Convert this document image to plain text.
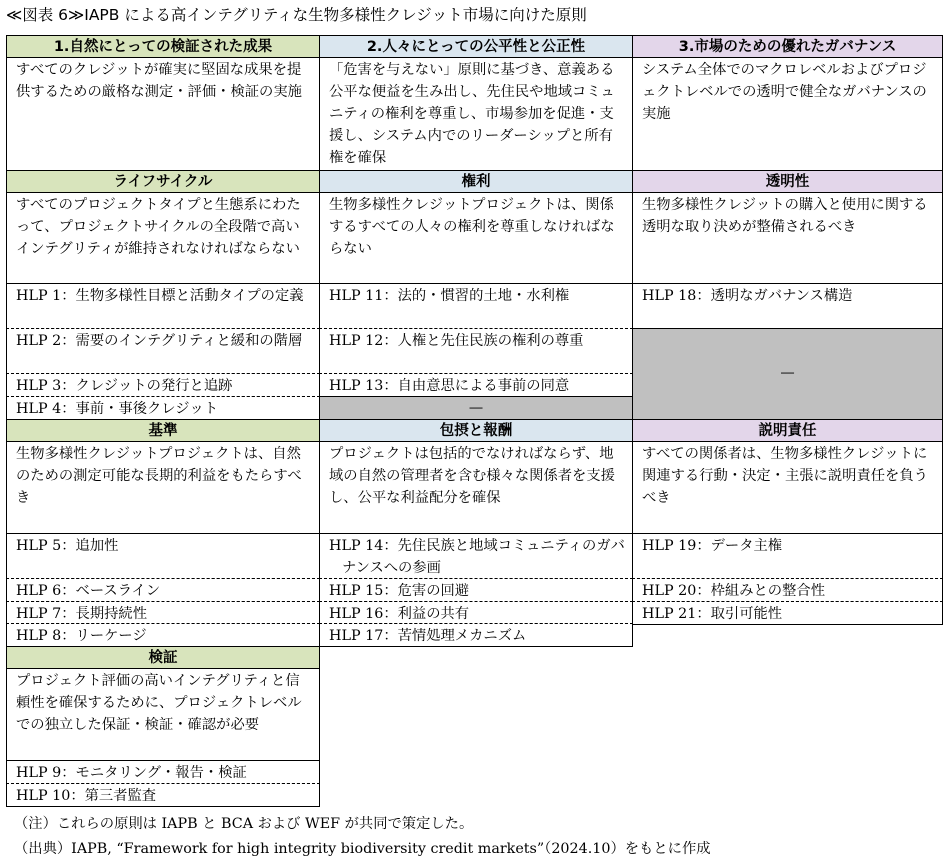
≪図表 6≫IAPB による高インテグリティな生物多様性クレジット市場に向けた原則
1.自然にとっての検証された成果
すべてのクレジットが確実に堅固な成果を提供するための厳格な測定・評価・検証の実施
ライフサイクル
すべてのプロジェクトタイプと生態系にわたって、プロジェクトサイクルの全段階で高いインテグリティが維持されなければならない
HLP 1：生物多様性目標と活動タイプの定義
HLP 2：需要のインテグリティと緩和の階層
HLP 3：クレジットの発行と追跡
HLP 4：事前・事後クレジット
基準
生物多様性クレジットプロジェクトは、自然のための測定可能な長期的利益をもたらすべき
HLP 5：追加性
HLP 6：ベースライン
HLP 7：長期持続性
HLP 8：リーケージ
検証
プロジェクト評価の高いインテグリティと信頼性を確保するために、プロジェクトレベルでの独立した保証・検証・確認が必要
HLP 9：モニタリング・報告・検証
HLP 10：第三者監査
2.人々にとっての公平性と公正性
「危害を与えない」原則に基づき、意義ある公平な便益を生み出し、先住民や地域コミュニティの権利を尊重し、市場参加を促進・支援し、システム内でのリーダーシップと所有権を確保
権利
生物多様性クレジットプロジェクトは、関係するすべての人々の権利を尊重しなければならない
HLP 11：法的・慣習的土地・水利権
HLP 12：人権と先住民族の権利の尊重
HLP 13：自由意思による事前の同意
—
包摂と報酬
プロジェクトは包括的でなければならず、地域の自然の管理者を含む様々な関係者を支援し、公平な利益配分を確保
HLP 14：先住民族と地域コミュニティのガバナンスへの参画
HLP 15：危害の回避
HLP 16：利益の共有
HLP 17：苦情処理メカニズム
3.市場のための優れたガバナンス
システム全体でのマクロレベルおよびプロジェクトレベルでの透明で健全なガバナンスの実施
透明性
生物多様性クレジットの購入と使用に関する透明な取り決めが整備されるべき
HLP 18：透明なガバナンス構造
—
説明責任
すべての関係者は、生物多様性クレジットに関連する行動・決定・主張に説明責任を負うべき
HLP 19：データ主権
HLP 20：枠組みとの整合性
HLP 21：取引可能性
（注）これらの原則は IAPB と BCA および WEF が共同で策定した。
（出典）IAPB, “Framework for high integrity biodiversity credit markets”（2024.10）をもとに作成
